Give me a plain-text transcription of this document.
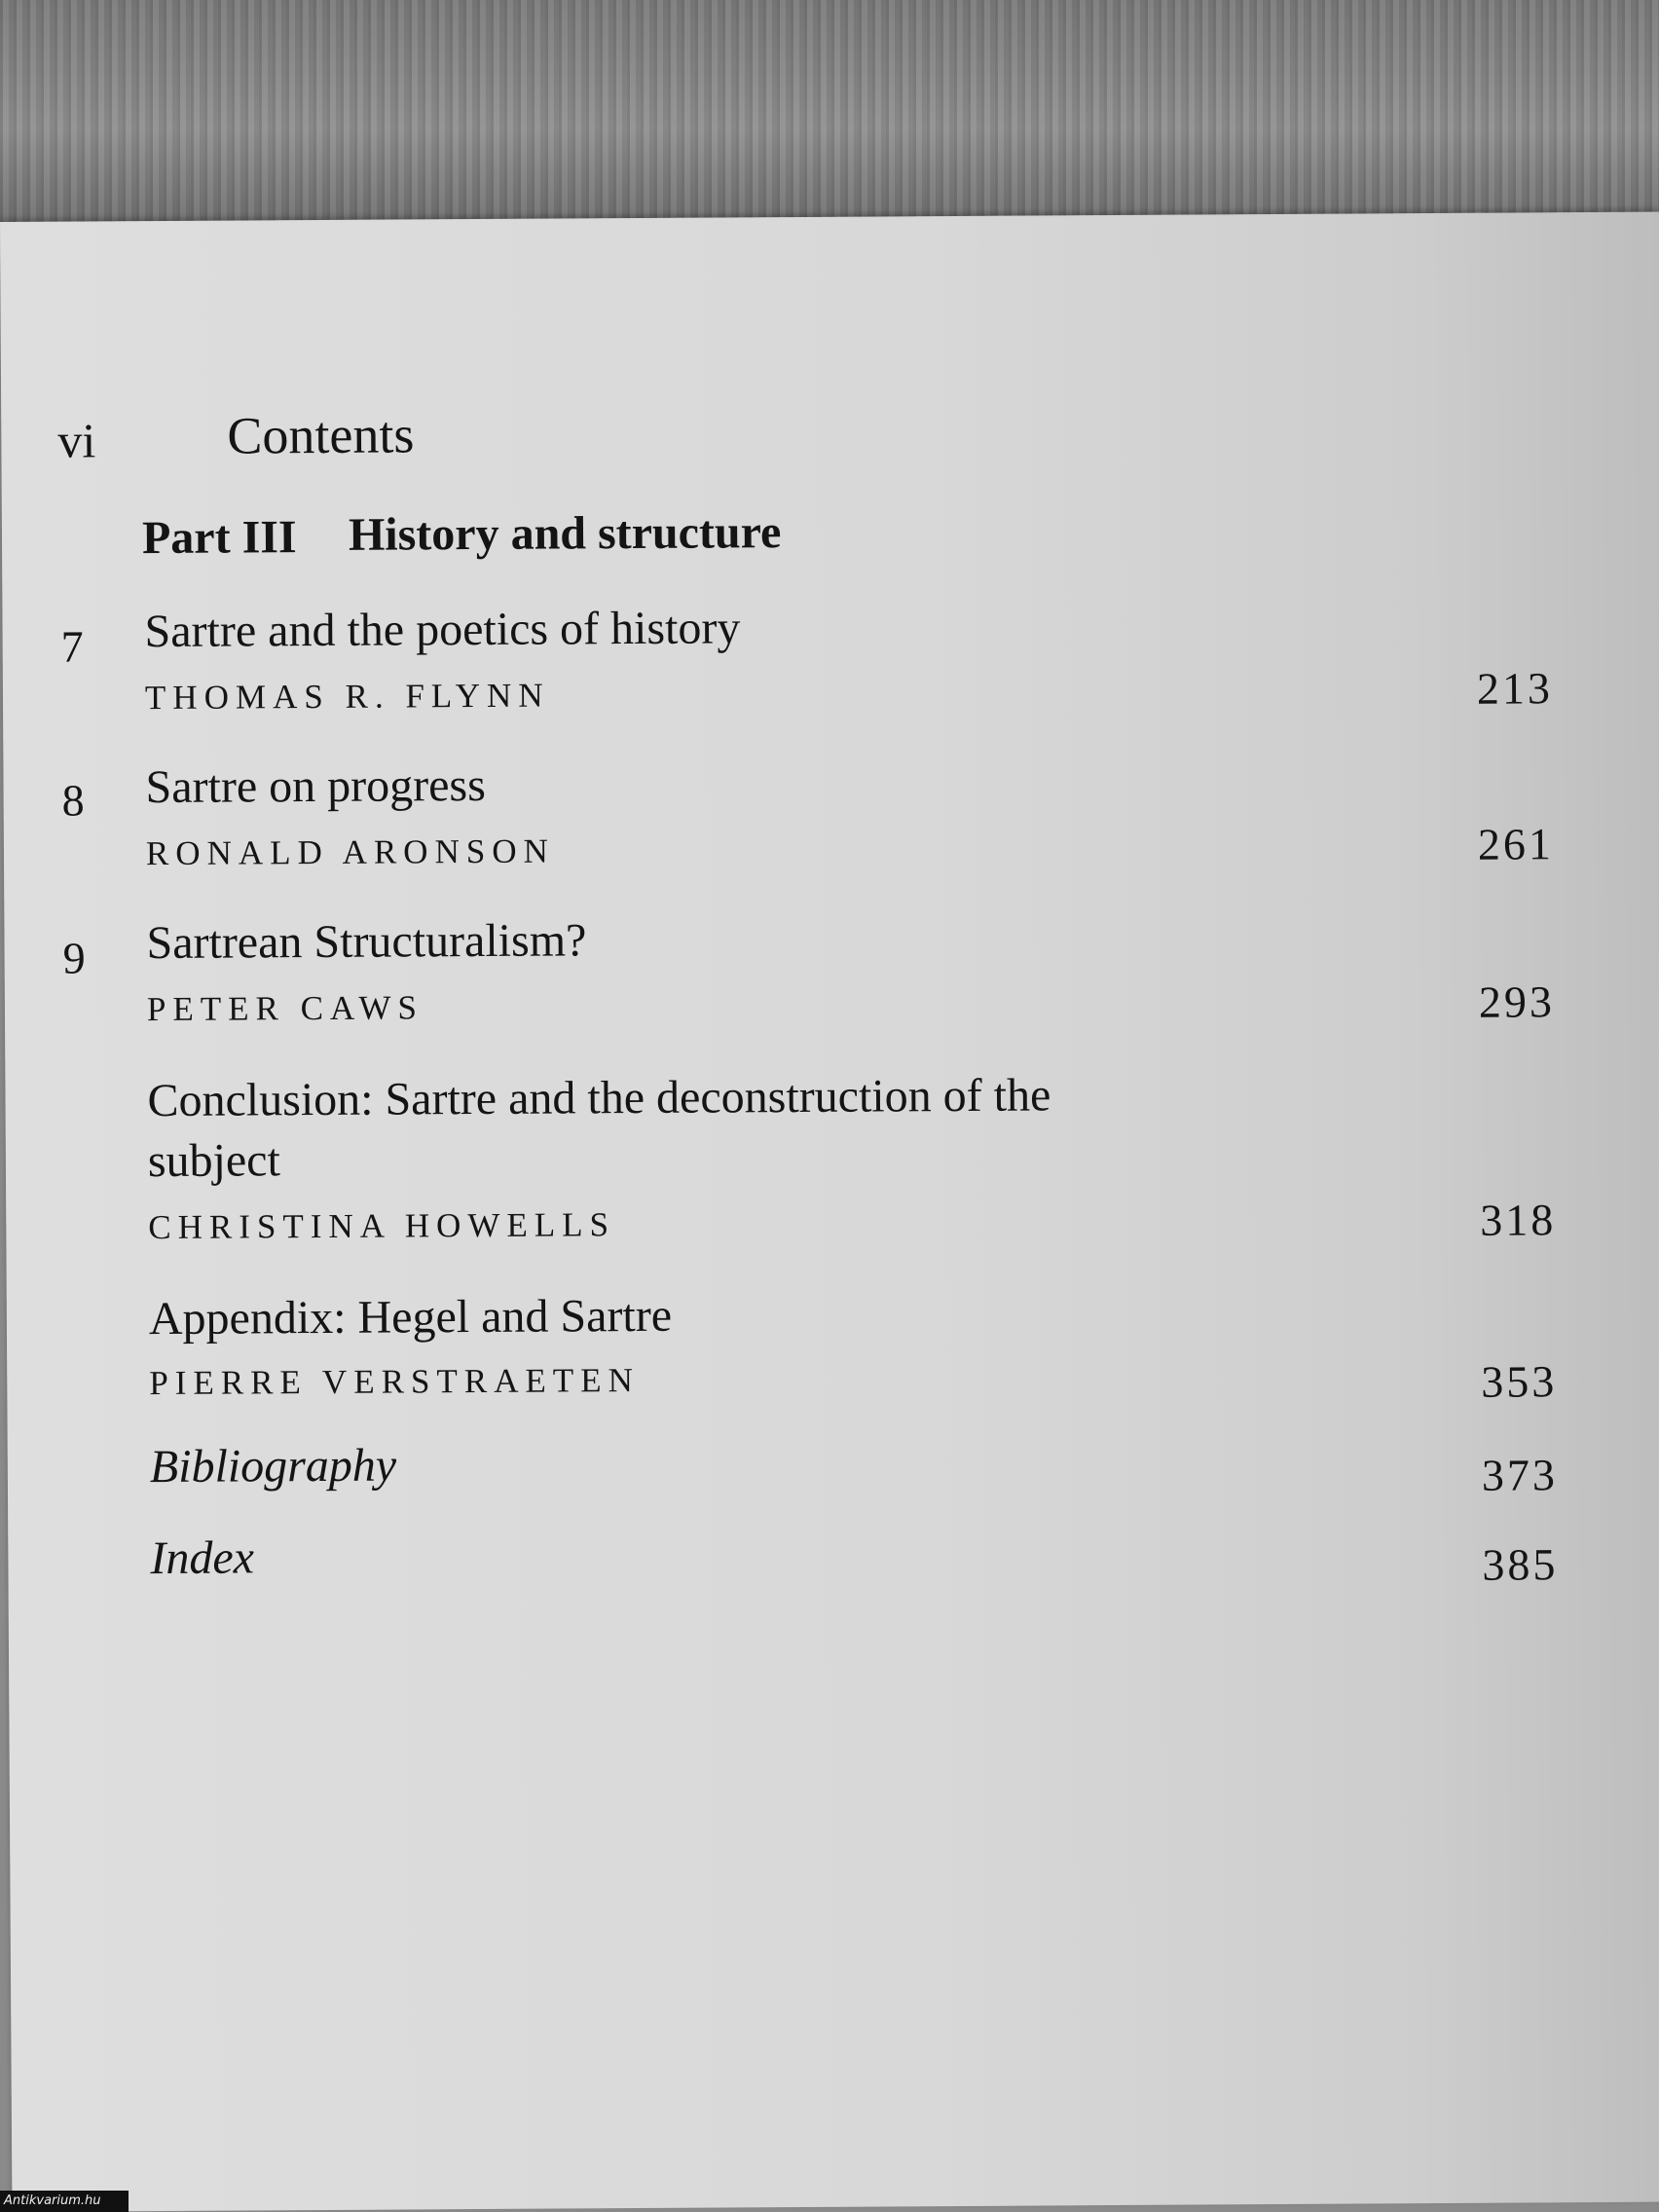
vi Contents
Part III History and structure
7 Sartre and the poetics of history
THOMAS R. FLYNN	213
8 Sartre on progress
RONALD ARONSON	261
9 Sartrean Structuralism?
PETER CAWS	293
Conclusion: Sartre and the deconstruction of the
subject
CHRISTINA HOWELLS	318
Appendix: Hegel and Sartre
PIERRE VERSTRAETEN	353
Bibliography	373
Index	385
Antikvarium.hu
